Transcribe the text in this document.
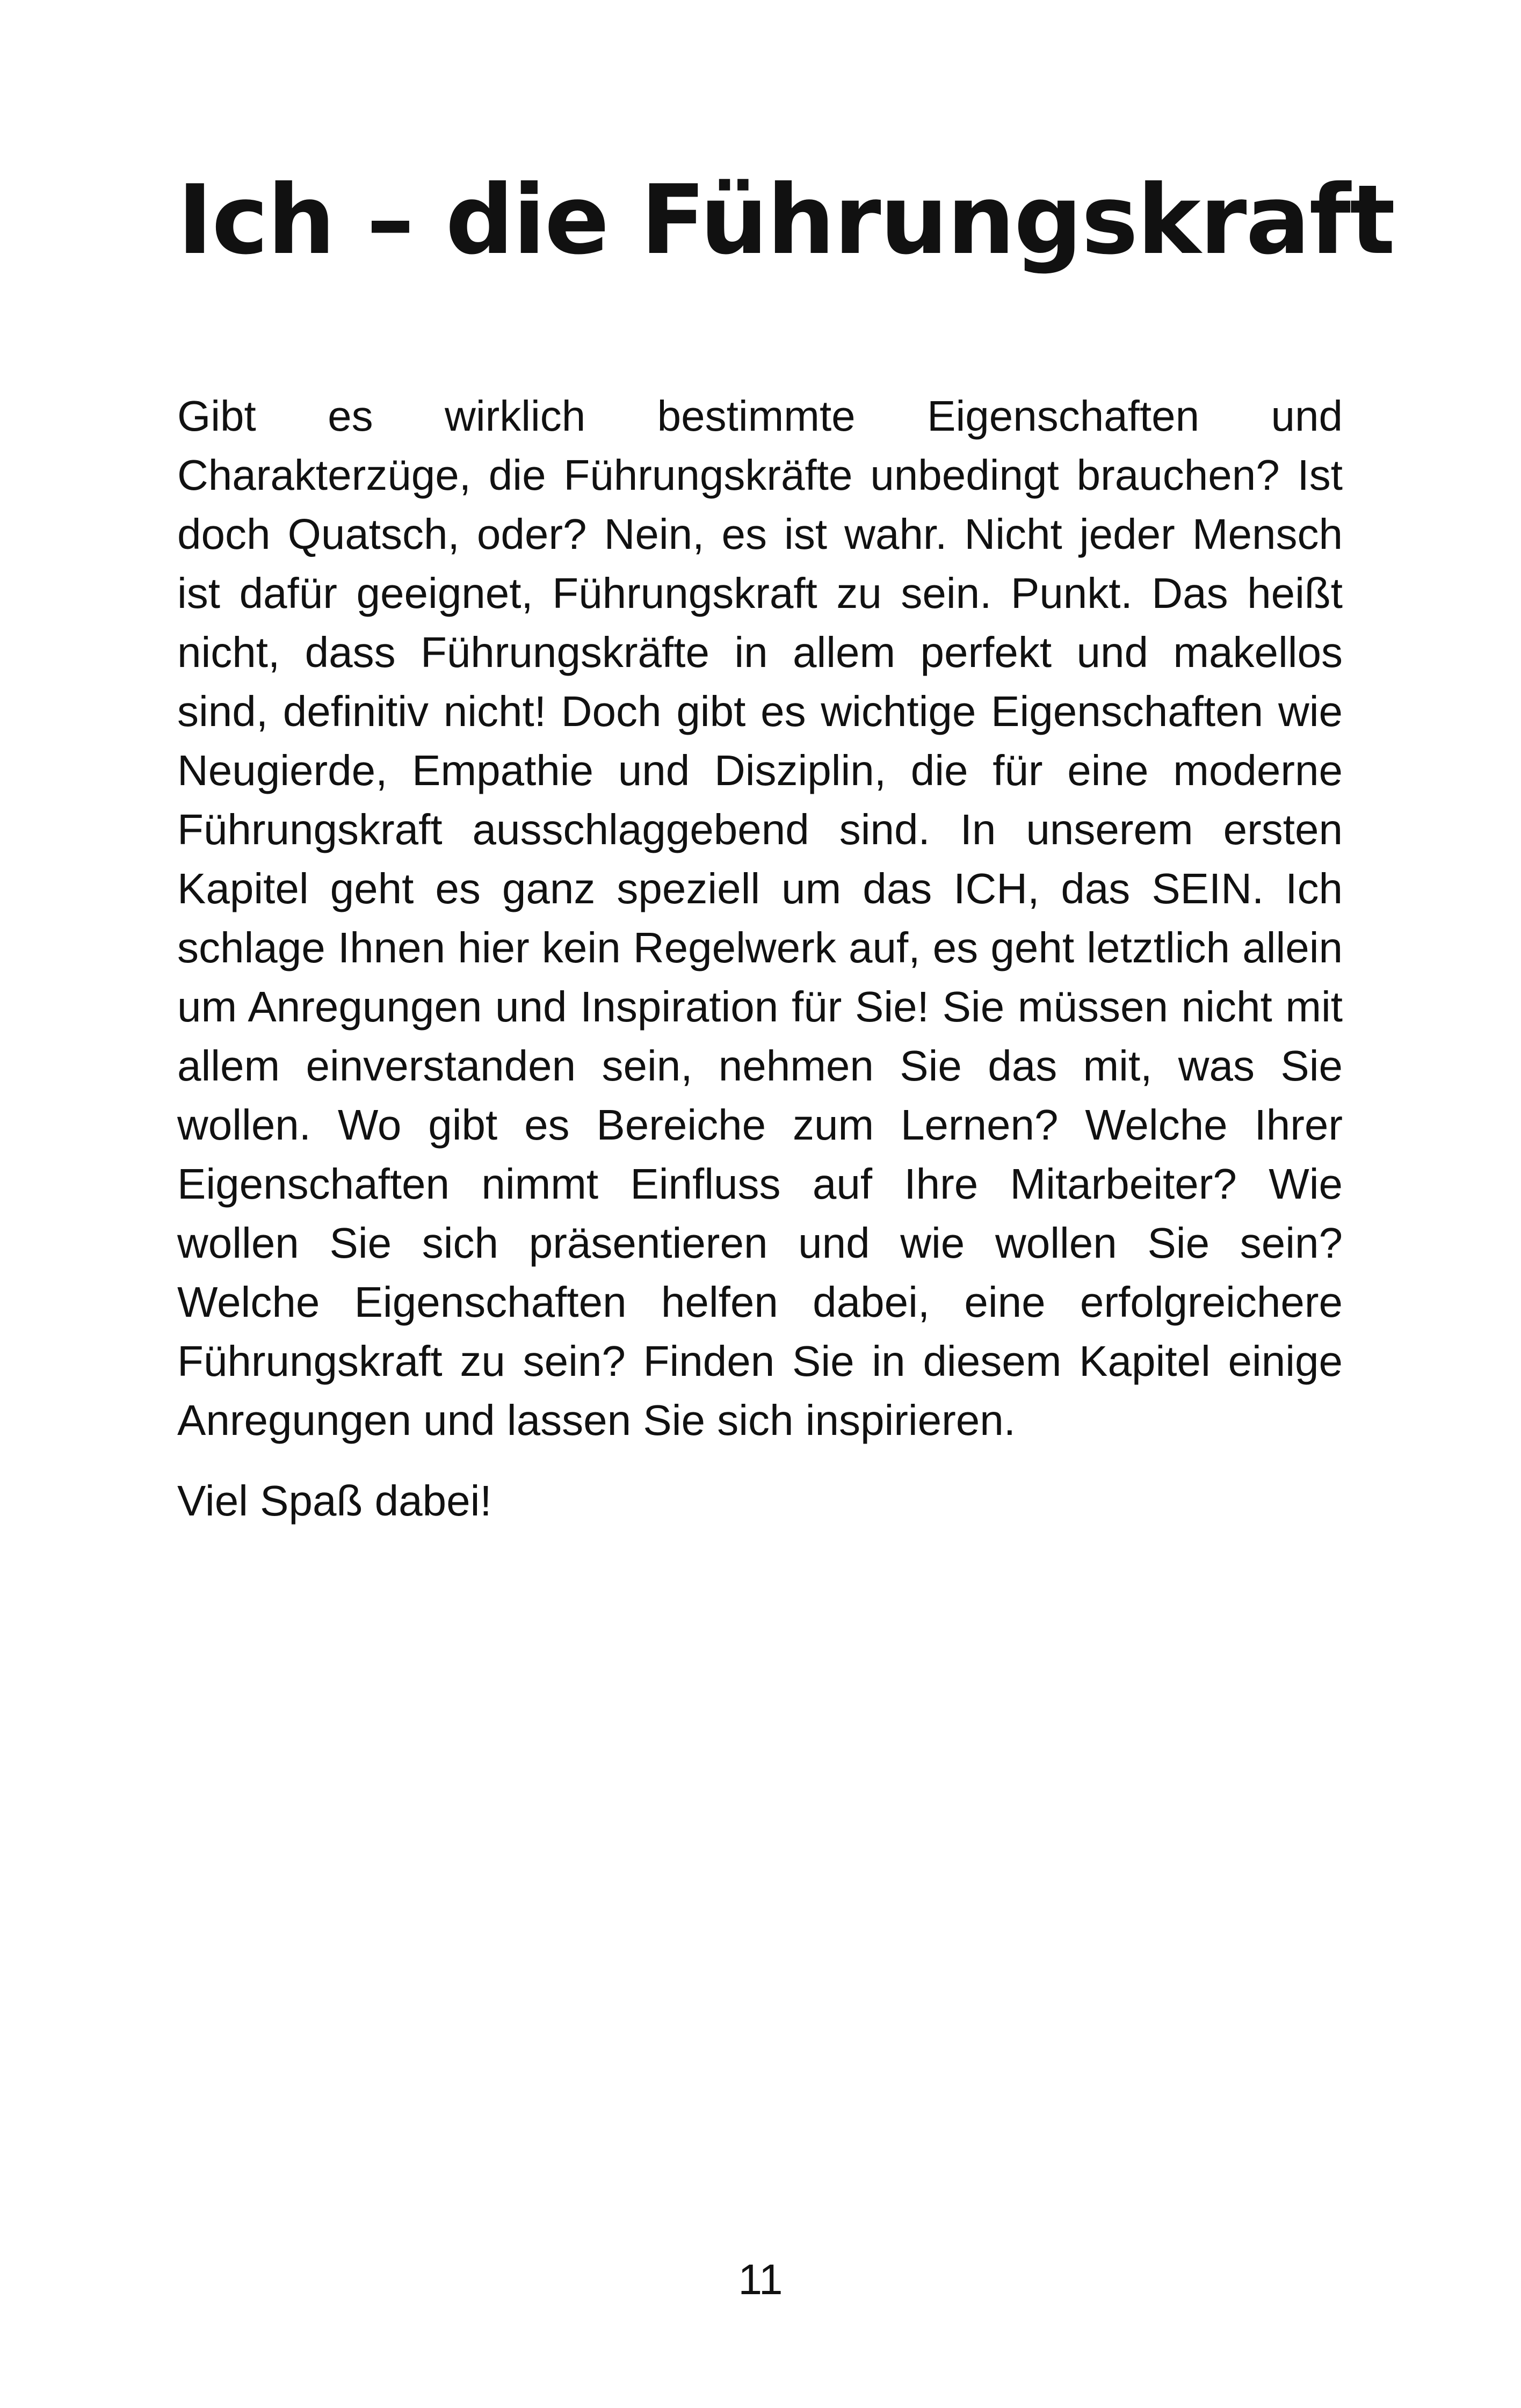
Ich – die Führungskraft

Gibt es wirklich bestimmte Eigenschaften und Charakterzüge, die Führungskräfte unbedingt brauchen? Ist doch Quatsch, oder? Nein, es ist wahr. Nicht jeder Mensch ist dafür geeignet, Führungskraft zu sein. Punkt. Das heißt nicht, dass Führungskräfte in allem perfekt und makellos sind, definitiv nicht! Doch gibt es wichtige Eigenschaften wie Neugierde, Empathie und Disziplin, die für eine moderne Führungskraft ausschlaggebend sind. In unserem ersten Kapitel geht es ganz speziell um das ICH, das SEIN. Ich schlage Ihnen hier kein Regelwerk auf, es geht letztlich allein um Anregungen und Inspiration für Sie! Sie müssen nicht mit allem einverstanden sein, nehmen Sie das mit, was Sie wollen. Wo gibt es Bereiche zum Lernen? Welche Ihrer Eigenschaften nimmt Einfluss auf Ihre Mitarbeiter? Wie wollen Sie sich präsentieren und wie wollen Sie sein? Welche Eigenschaften helfen dabei, eine erfolgreichere Führungskraft zu sein? Finden Sie in diesem Kapitel einige Anregungen und lassen Sie sich inspirieren.

Viel Spaß dabei!

11
